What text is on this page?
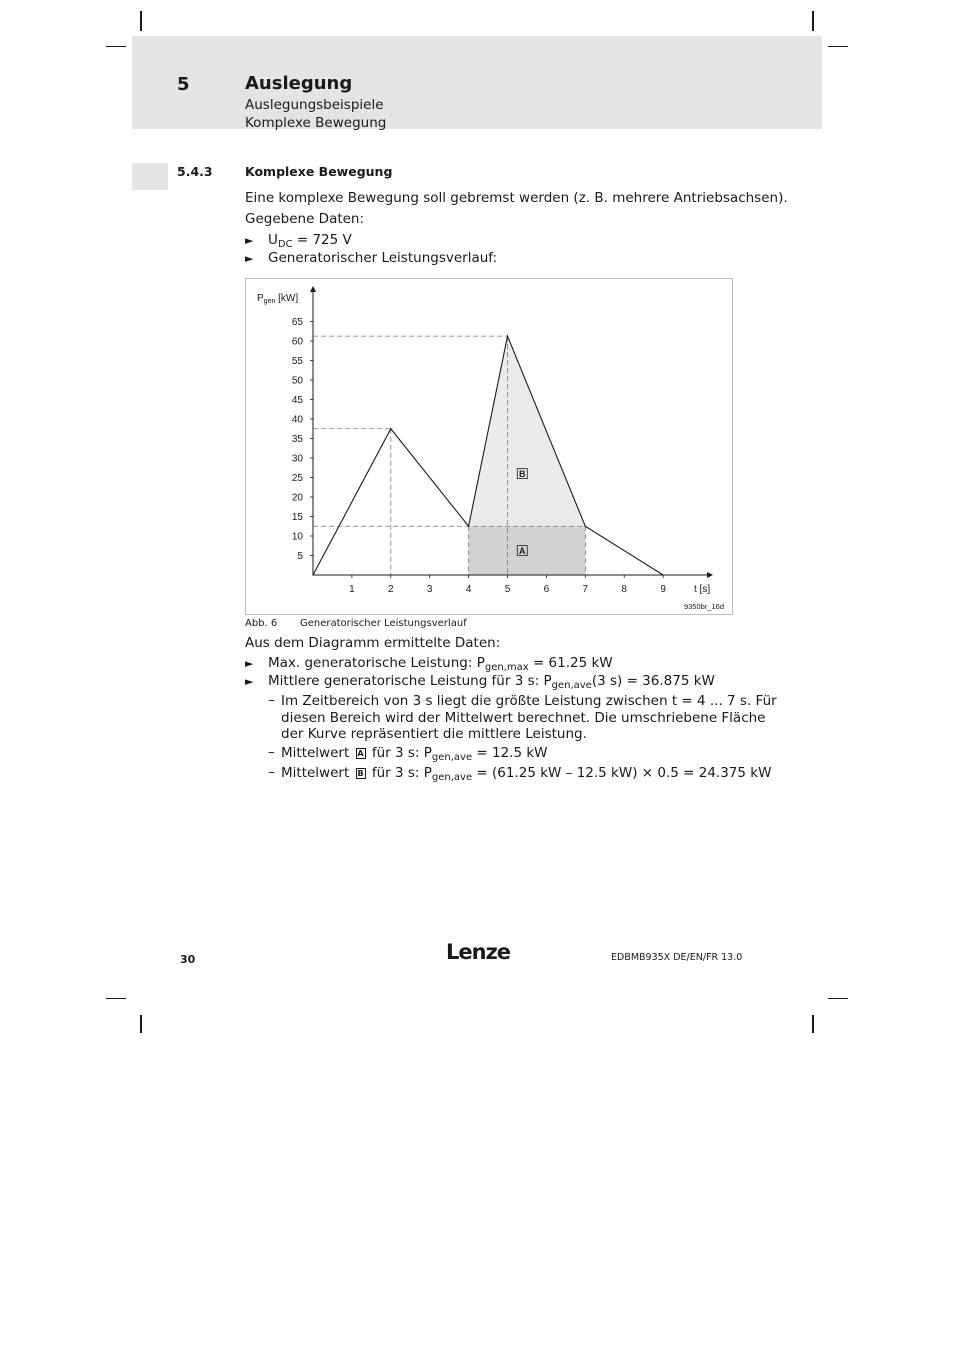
5	Auslegung
Auslegungsbeispiele
Komplexe Bewegung
5.4.3	Komplexe Bewegung
Eine komplexe Bewegung soll gebremst werden (z. B. mehrere Antriebsachsen).
Gegebene Daten:
► $U_{DC} = 725$ V
► Generatorischer Leistungsverlauf:
5
10
15
20
25
30
35
40
45
50
55
60
65
1	2	3	4	5	6	7	8	9
A
B
$P_{gen}$ [kW]
t [s]
9350br_16d
Abb. 6 Generatorischer Leistungsverlauf
Aus dem Diagramm ermittelte Daten:
► Max. generatorische Leistung: $P_{gen,max} = 61.25$ kW
► Mittlere generatorische Leistung für 3 s: $P_{gen,ave}(3$ s) = 36.875 kW
– Im Zeitbereich von 3 s liegt die größte Leistung zwischen t = 4 ... 7 s. Für
diesen Bereich wird der Mittelwert berechnet. Die umschriebene Fläche
der Kurve repräsentiert die mittlere Leistung.
– Mittelwert A für 3 s: $P_{gen,ave} = 12.5$ kW
– Mittelwert B für 3 s: $P_{gen,ave} = (61.25$ kW – 12.5 kW) × 0.5 = 24.375 kW
30	Lenze	EDBMB935X DE/EN/FR 13.0
